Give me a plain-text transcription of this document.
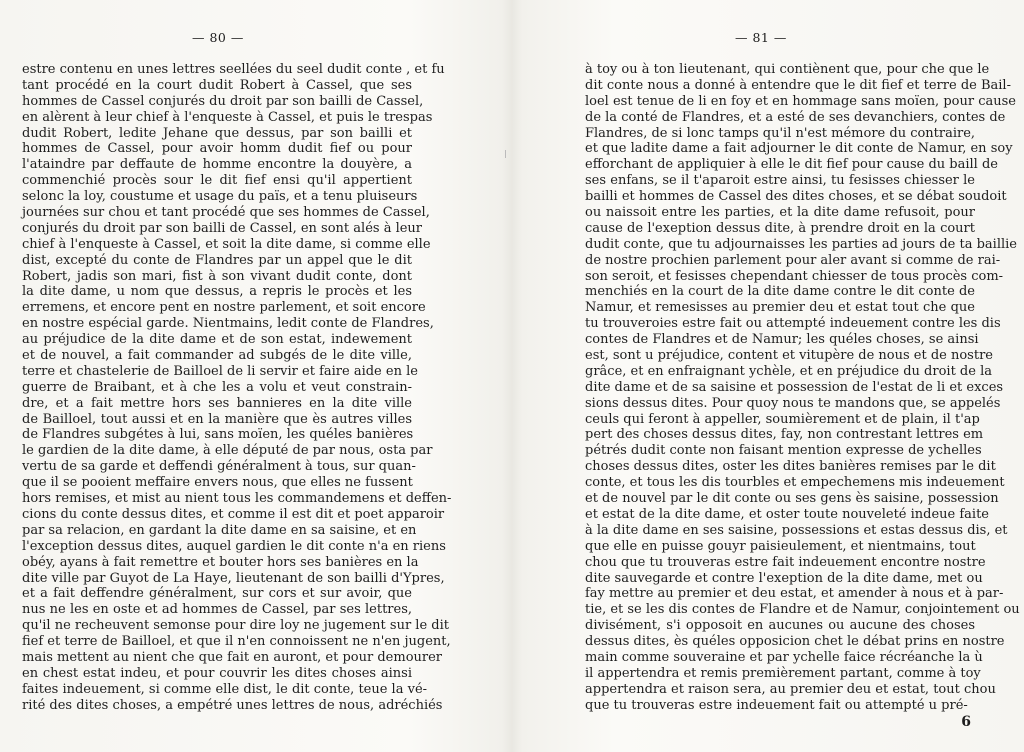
— 80 —
estre contenu en unes lettres seellées du seel dudit conte , et fu
tant procédé en la court dudit Robert à Cassel, que ses
hommes de Cassel conjurés du droit par son bailli de Cassel,
en alèrent à leur chief à l'enqueste à Cassel, et puis le trespas
dudit Robert, ledite Jehane que dessus, par son bailli et
hommes de Cassel, pour avoir homm dudit fief ou pour
l'ataindre par deffaute de homme encontre la douyère, a
commenchié procès sour le dit fief ensi qu'il appertient
selonc la loy, coustume et usage du païs, et a tenu pluiseurs
journées sur chou et tant procédé que ses hommes de Cassel,
conjurés du droit par son bailli de Cassel, en sont alés à leur
chief à l'enqueste à Cassel, et soit la dite dame, si comme elle
dist, excepté du conte de Flandres par un appel que le dit
Robert, jadis son mari, fist à son vivant dudit conte, dont
la dite dame, u nom que dessus, a repris le procès et les
erremens, et encore pent en nostre parlement, et soit encore
en nostre espécial garde. Nientmains, ledit conte de Flandres,
au préjudice de la dite dame et de son estat, indewement
et de nouvel, a fait commander ad subgés de le dite ville,
terre et chastelerie de Bailloel de li servir et faire aide en le
guerre de Braibant, et à che les a volu et veut constrain-
dre, et a fait mettre hors ses bannieres en la dite ville
de Bailloel, tout aussi et en la manière que ès autres villes
de Flandres subgétes à lui, sans moïen, les quéles banières
le gardien de la dite dame, à elle député de par nous, osta par
vertu de sa garde et deffendi généralment à tous, sur quan-
que il se pooient meffaire envers nous, que elles ne fussent
hors remises, et mist au nient tous les commandemens et deffen-
cions du conte dessus dites, et comme il est dit et poet apparoir
par sa relacion, en gardant la dite dame en sa saisine, et en
l'exception dessus dites, auquel gardien le dit conte n'a en riens
obéy, ayans à fait remettre et bouter hors ses banières en la
dite ville par Guyot de La Haye, lieutenant de son bailli d'Ypres,
et a fait deffendre généralment, sur cors et sur avoir, que
nus ne les en oste et ad hommes de Cassel, par ses lettres,
qu'il ne recheuvent semonse pour dire loy ne jugement sur le dit
fief et terre de Bailloel, et que il n'en connoissent ne n'en jugent,
mais mettent au nient che que fait en auront, et pour demourer
en chest estat indeu, et pour couvrir les dites choses ainsi
faites indeuement, si comme elle dist, le dit conte, teue la vé-
rité des dites choses, a empétré unes lettres de nous, adréchiés
— 81 —
à toy ou à ton lieutenant, qui contiènent que, pour che que le
dit conte nous a donné à entendre que le dit fief et terre de Bail-
loel est tenue de li en foy et en hommage sans moïen, pour cause
de la conté de Flandres, et a esté de ses devanchiers, contes de
Flandres, de si lonc tamps qu'il n'est mémore du contraire,
et que ladite dame a fait adjourner le dit conte de Namur, en soy
efforchant de appliquier à elle le dit fief pour cause du baill de
ses enfans, se il t'aparoit estre ainsi, tu fesisses chiesser le
bailli et hommes de Cassel des dites choses, et se débat soudoit
ou naissoit entre les parties, et la dite dame refusoit, pour
cause de l'exeption dessus dite, à prendre droit en la court
dudit conte, que tu adjournaisses les parties ad jours de ta baillie
de nostre prochien parlement pour aler avant si comme de rai-
son seroit, et fesisses chependant chiesser de tous procès com-
menchiés en la court de la dite dame contre le dit conte de
Namur, et remesisses au premier deu et estat tout che que
tu trouveroies estre fait ou attempté indeuement contre les dis
contes de Flandres et de Namur; les quéles choses, se ainsi
est, sont u préjudice, content et vitupère de nous et de nostre
grâce, et en enfraignant ychèle, et en préjudice du droit de la
dite dame et de sa saisine et possession de l'estat de li et exces
sions dessus dites. Pour quoy nous te mandons que, se appelés
ceuls qui feront à appeller, soumièrement et de plain, il t'ap
pert des choses dessus dites, fay, non contrestant lettres em
pétrés dudit conte non faisant mention expresse de ychelles
choses dessus dites, oster les dites banières remises par le dit
conte, et tous les dis tourbles et empechemens mis indeuement
et de nouvel par le dit conte ou ses gens ès saisine, possession
et estat de la dite dame, et oster toute nouveleté indeue faite
à la dite dame en ses saisine, possessions et estas dessus dis, et
que elle en puisse gouyr paisieulement, et nientmains, tout
chou que tu trouveras estre fait indeuement encontre nostre
dite sauvegarde et contre l'exeption de la dite dame, met ou
fay mettre au premier et deu estat, et amender à nous et à par-
tie, et se les dis contes de Flandre et de Namur, conjointement ou
divisément, s'i opposoit en aucunes ou aucune des choses
dessus dites, ès quéles opposicion chet le débat prins en nostre
main comme souveraine et par ychelle faice récréanche la ù
il appertendra et remis premièrement partant, comme à toy
appertendra et raison sera, au premier deu et estat, tout chou
que tu trouveras estre indeuement fait ou attempté u pré-
6
